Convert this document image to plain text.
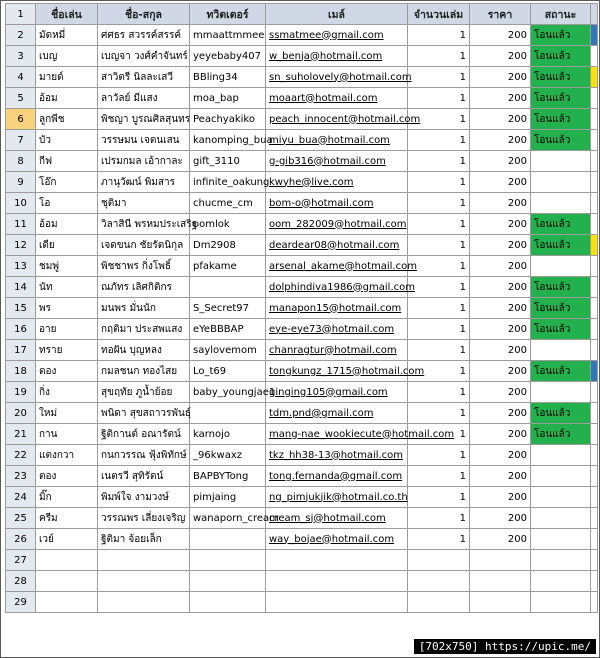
1	ชื่อเล่น	ชื่อ-สกุล	ทวิตเตอร์	เมล์	จำนวนเล่ม	ราคา	สถานะ	
2	มัดหมี่	ศศธร สวรรค์สรรค์	mmaattmmee	ssmatmee@gmail.com	1	200	โอนแล้ว	
3	เบญ	เบญจา วงศ์คำจันทร์	yeyebaby407	w_benja@hotmail.com	1	200	โอนแล้ว	
4	มายด์	สาวิตรี นิลละเสวี	BBling34	sn_suholovely@hotmail.com	1	200	โอนแล้ว	
5	อ้อม	ลาวัลย์ มีแสง	moa_bap	moaart@hotmail.com	1	200	โอนแล้ว	
6	ลูกพีช	พิชญา บูรณศิลสุนทร	Peachyakiko	peach_innocent@hotmail.com	1	200	โอนแล้ว	
7	บัว	วรรษมน เจตนเสน	kanomping_bua	miyu_bua@hotmail.com	1	200	โอนแล้ว	
8	กีฟ	เปรมกมล เอ้ากาละ	gift_3110	g-gib316@hotmail.com	1	200		
9	โอ๊ก	ภานุวัฒน์ พิมสาร	infinite_oakung	kwyhe@live.com	1	200		
10	โอ	ชุติมา	chucme_cm	bom-o@hotmail.com	1	200		
11	อ้อม	วิลาสินี พรหมประเสริฐ	oomlok	oom_282009@hotmail.com	1	200	โอนแล้ว	
12	เดีย	เจดขนก ชัยรัตนิกุล	Dm2908	deardear08@hotmail.com	1	200	โอนแล้ว	
13	ชมพู่	พิชชาพร กิ่งโพธิ์	pfakame	arsenal_akame@hotmail.com	1	200		
14	นัท	ณภัทร เลิศกิติกร		dolphindiva1986@gmail.com	1	200	โอนแล้ว	
15	พร	มนพร มั่นนัก	S_Secret97	manapon15@hotmail.com	1	200	โอนแล้ว	
16	อาย	กฤติมา ประสพแสง	eYeBBBAP	eye-eye73@hotmail.com	1	200	โอนแล้ว	
17	ทราย	ทอฝัน บุญหลง	saylovemom	chanragtur@hotmail.com	1	200		
18	ตอง	กมลชนก ทองไสย	Lo_t69	tongkungz_1715@hotmail.com	1	200	โอนแล้ว	
19	กิ่ง	สุขฤทัย ภูน้ำย้อย	baby_youngjae1	ginging105@gmail.com	1	200		
20	ใหม่	พนิดา สุขสถาวรพันธุ์		tdm.pnd@gmail.com	1	200	โอนแล้ว	
21	กาน	ฐิติกานต์ อณารัตน์	karnojo	mang-nae_wookiecute@hotmail.com	1	200	โอนแล้ว	
22	แตงกวา	กนกวรรณ ฟุ้งพิทักษ์	_96kwaxz	tkz_hh38-13@hotmail.com	1	200		
23	ตอง	เนตรวี สุทิรัตน์	BAPBYTong	tong.fernanda@gmail.com	1	200		
24	มิ๊ก	พิมพ์ใจ งามวงษ์	pimjaing	ng_pimjukjik@hotmail.co.th	1	200		
25	ครีม	วรรณพร เลี่ยงเจริญ	wanaporn_cream	cream_sj@hotmail.com	1	200		
26	เวย์	ฐิติมา จ้อยเล็ก		way_bojae@hotmail.com	1	200		
27								
28								
29								
[702x750] https://upic.me/
